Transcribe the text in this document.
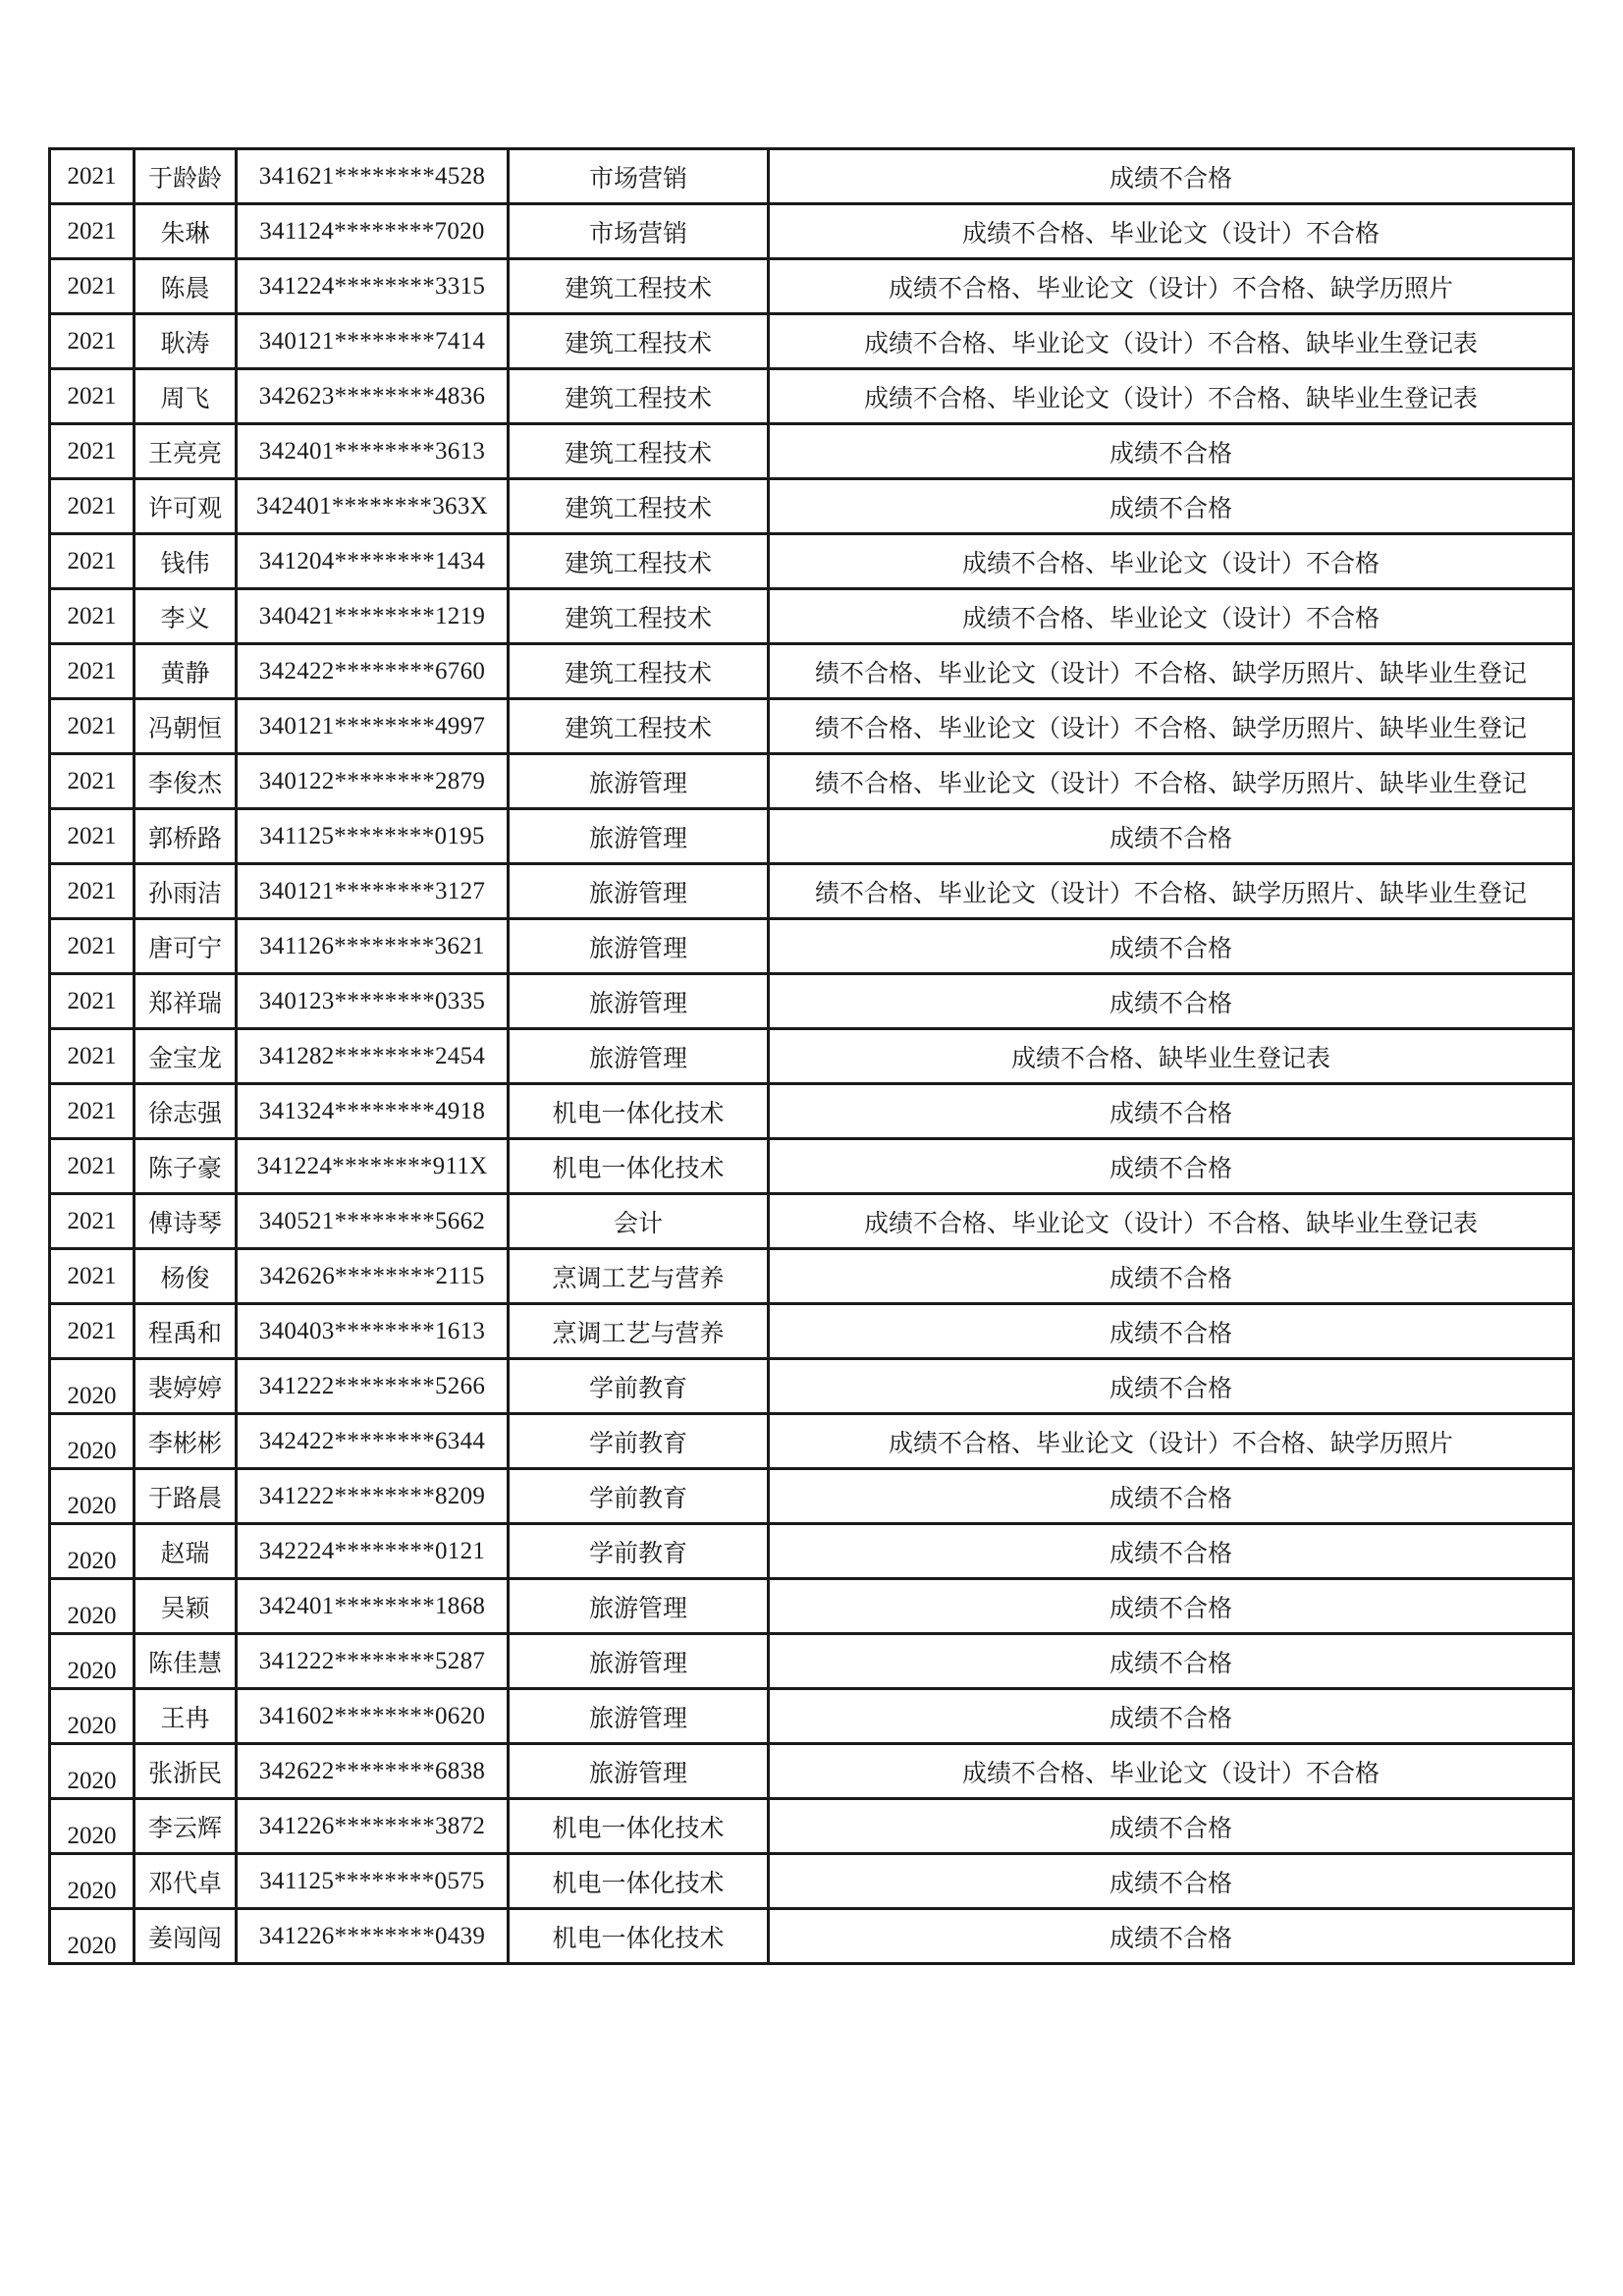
2021	于龄龄	341621********4528	市场营销	成绩不合格
2021	朱琳	341124********7020	市场营销	成绩不合格、毕业论文（设计）不合格
2021	陈晨	341224********3315	建筑工程技术	成绩不合格、毕业论文（设计）不合格、缺学历照片
2021	耿涛	340121********7414	建筑工程技术	成绩不合格、毕业论文（设计）不合格、缺毕业生登记表
2021	周飞	342623********4836	建筑工程技术	成绩不合格、毕业论文（设计）不合格、缺毕业生登记表
2021	王亮亮	342401********3613	建筑工程技术	成绩不合格
2021	许可观	342401********363X	建筑工程技术	成绩不合格
2021	钱伟	341204********1434	建筑工程技术	成绩不合格、毕业论文（设计）不合格
2021	李义	340421********1219	建筑工程技术	成绩不合格、毕业论文（设计）不合格
2021	黄静	342422********6760	建筑工程技术	绩不合格、毕业论文（设计）不合格、缺学历照片、缺毕业生登记
2021	冯朝恒	340121********4997	建筑工程技术	绩不合格、毕业论文（设计）不合格、缺学历照片、缺毕业生登记
2021	李俊杰	340122********2879	旅游管理	绩不合格、毕业论文（设计）不合格、缺学历照片、缺毕业生登记
2021	郭桥路	341125********0195	旅游管理	成绩不合格
2021	孙雨洁	340121********3127	旅游管理	绩不合格、毕业论文（设计）不合格、缺学历照片、缺毕业生登记
2021	唐可宁	341126********3621	旅游管理	成绩不合格
2021	郑祥瑞	340123********0335	旅游管理	成绩不合格
2021	金宝龙	341282********2454	旅游管理	成绩不合格、缺毕业生登记表
2021	徐志强	341324********4918	机电一体化技术	成绩不合格
2021	陈子豪	341224********911X	机电一体化技术	成绩不合格
2021	傅诗琴	340521********5662	会计	成绩不合格、毕业论文（设计）不合格、缺毕业生登记表
2021	杨俊	342626********2115	烹调工艺与营养	成绩不合格
2021	程禹和	340403********1613	烹调工艺与营养	成绩不合格
2020	裴婷婷	341222********5266	学前教育	成绩不合格
2020	李彬彬	342422********6344	学前教育	成绩不合格、毕业论文（设计）不合格、缺学历照片
2020	于路晨	341222********8209	学前教育	成绩不合格
2020	赵瑞	342224********0121	学前教育	成绩不合格
2020	吴颖	342401********1868	旅游管理	成绩不合格
2020	陈佳慧	341222********5287	旅游管理	成绩不合格
2020	王冉	341602********0620	旅游管理	成绩不合格
2020	张浙民	342622********6838	旅游管理	成绩不合格、毕业论文（设计）不合格
2020	李云辉	341226********3872	机电一体化技术	成绩不合格
2020	邓代卓	341125********0575	机电一体化技术	成绩不合格
2020	姜闯闯	341226********0439	机电一体化技术	成绩不合格
